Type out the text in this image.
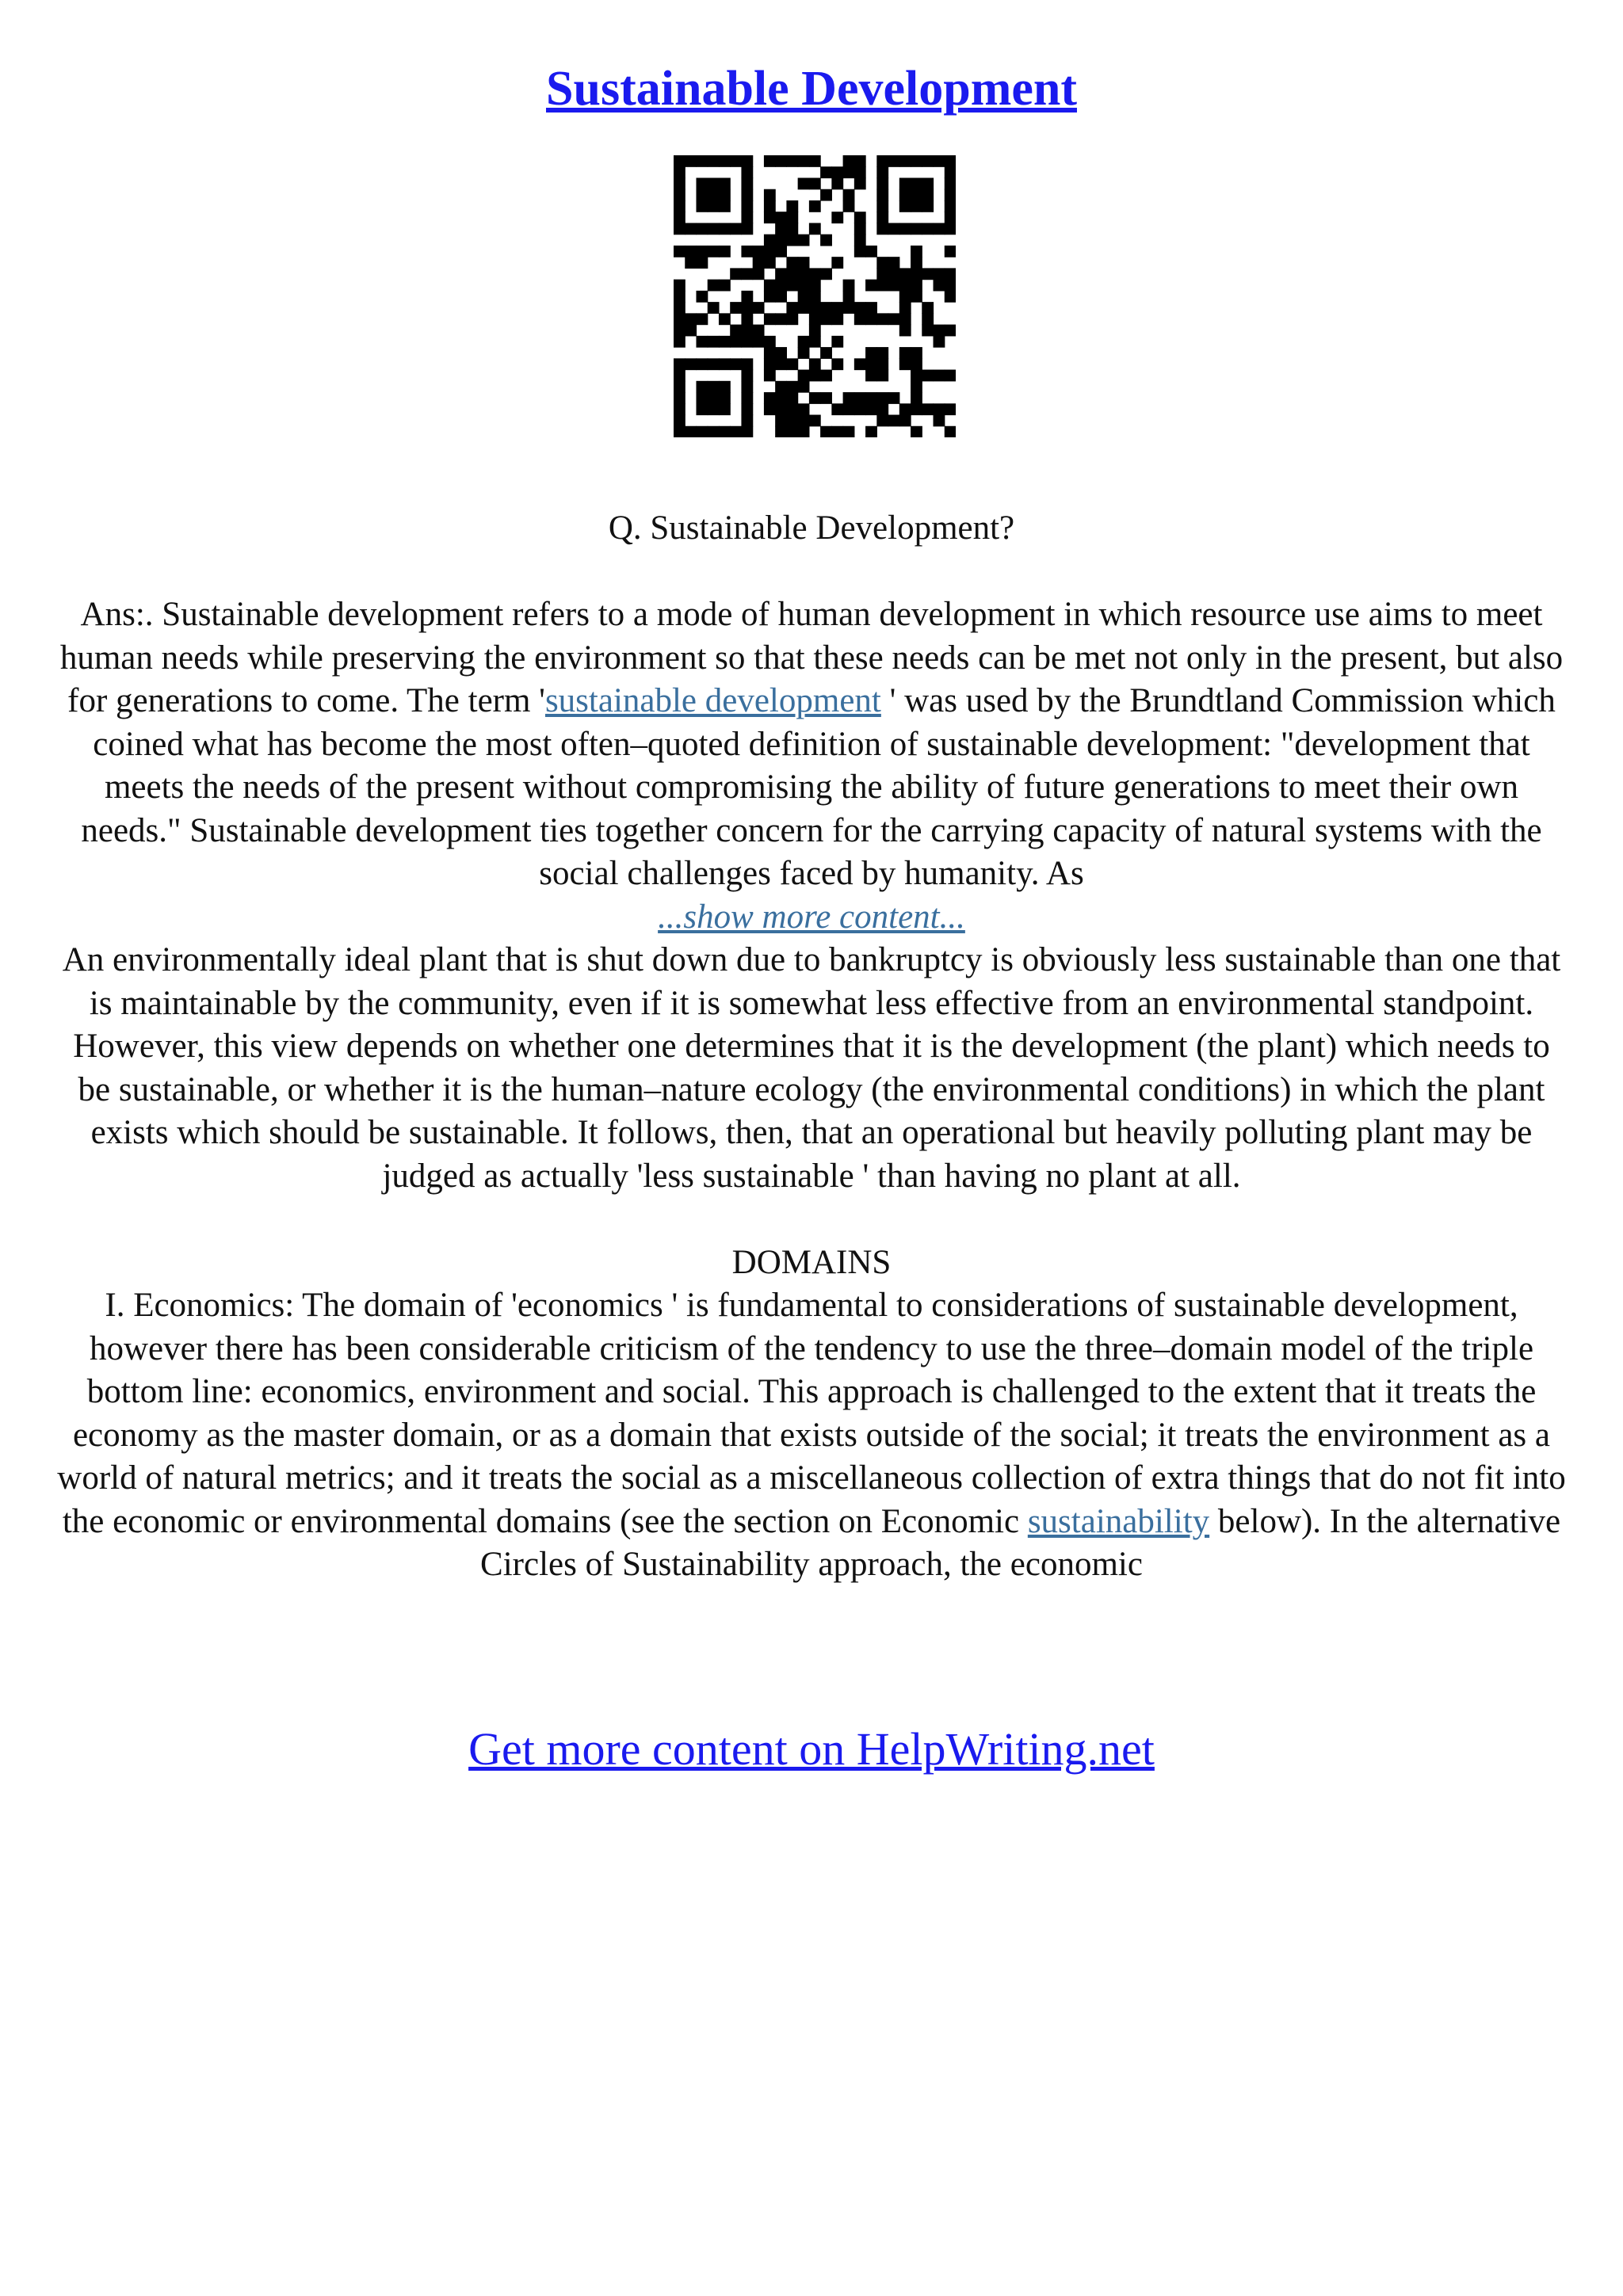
Sustainable Development

Q. Sustainable Development?

Ans:. Sustainable development refers to a mode of human development in which resource use aims to meet human needs while preserving the environment so that these needs can be met not only in the present, but also for generations to come. The term 'sustainable development ' was used by the Brundtland Commission which coined what has become the most often–quoted definition of sustainable development: "development that meets the needs of the present without compromising the ability of future generations to meet their own needs." Sustainable development ties together concern for the carrying capacity of natural systems with the social challenges faced by humanity. As

...show more content...

An environmentally ideal plant that is shut down due to bankruptcy is obviously less sustainable than one that is maintainable by the community, even if it is somewhat less effective from an environmental standpoint. However, this view depends on whether one determines that it is the development (the plant) which needs to be sustainable, or whether it is the human–nature ecology (the environmental conditions) in which the plant exists which should be sustainable. It follows, then, that an operational but heavily polluting plant may be judged as actually 'less sustainable ' than having no plant at all.

DOMAINS

I. Economics: The domain of 'economics ' is fundamental to considerations of sustainable development, however there has been considerable criticism of the tendency to use the three–domain model of the triple bottom line: economics, environment and social. This approach is challenged to the extent that it treats the economy as the master domain, or as a domain that exists outside of the social; it treats the environment as a world of natural metrics; and it treats the social as a miscellaneous collection of extra things that do not fit into the economic or environmental domains (see the section on Economic sustainability below). In the alternative Circles of Sustainability approach, the economic

Get more content on HelpWriting.net
